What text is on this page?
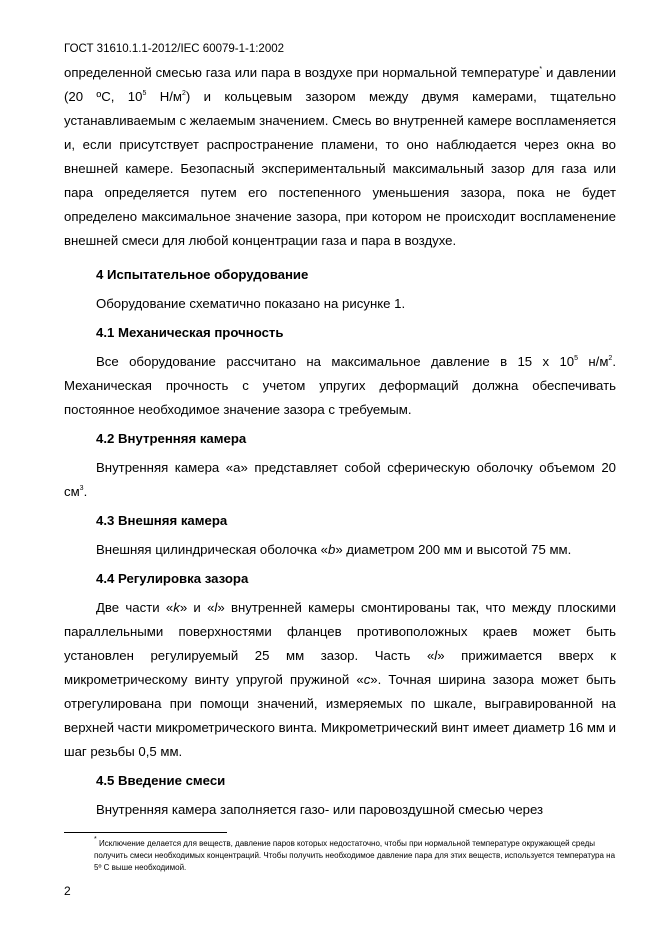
ГОСТ 31610.1.1-2012/IEC 60079-1-1:2002

определенной смесью газа или пара в воздухе при нормальной температуре* и давлении (20 ºС, $10^5$ $Н/м^2$) и кольцевым зазором между двумя камерами, тщательно устанавливаемым с желаемым значением. Смесь во внутренней камере воспламеняется и, если присутствует распространение пламени, то оно наблюдается через окна во внешней камере. Безопасный экспериментальный максимальный зазор для газа или пара определяется путем его постепенного уменьшения зазора, пока не будет определено максимальное значение зазора, при котором не происходит воспламенение внешней смеси для любой концентрации газа и пара в воздухе.

4 Испытательное оборудование

Оборудование схематично показано на рисунке 1.

4.1 Механическая прочность

Все оборудование рассчитано на максимальное давление в 15 х $10^5$ $н/м^2$. Механическая прочность с учетом упругих деформаций должна обеспечивать постоянное необходимое значение зазора с требуемым.

4.2 Внутренняя камера

Внутренняя камера «a» представляет собой сферическую оболочку объемом 20 $см^3$.

4.3 Внешняя камера

Внешняя цилиндрическая оболочка «b» диаметром 200 мм и высотой 75 мм.

4.4 Регулировка зазора

Две части «k» и «l» внутренней камеры смонтированы так, что между плоскими параллельными поверхностями фланцев противоположных краев может быть установлен регулируемый 25 мм зазор. Часть «l» прижимается вверх к микрометрическому винту упругой пружиной «c». Точная ширина зазора может быть отрегулирована при помощи значений, измеряемых по шкале, выгравированной на верхней части микрометрического винта. Микрометрический винт имеет диаметр 16 мм и шаг резьбы 0,5 мм.

4.5 Введение смеси

Внутренняя камера заполняется газо- или паровоздушной смесью через

* Исключение делается для веществ, давление паров которых недостаточно, чтобы при нормальной температуре окружающей среды получить смеси необходимых концентраций. Чтобы получить необходимое давление пара для этих веществ, используется температура на 5º С выше необходимой.
2
